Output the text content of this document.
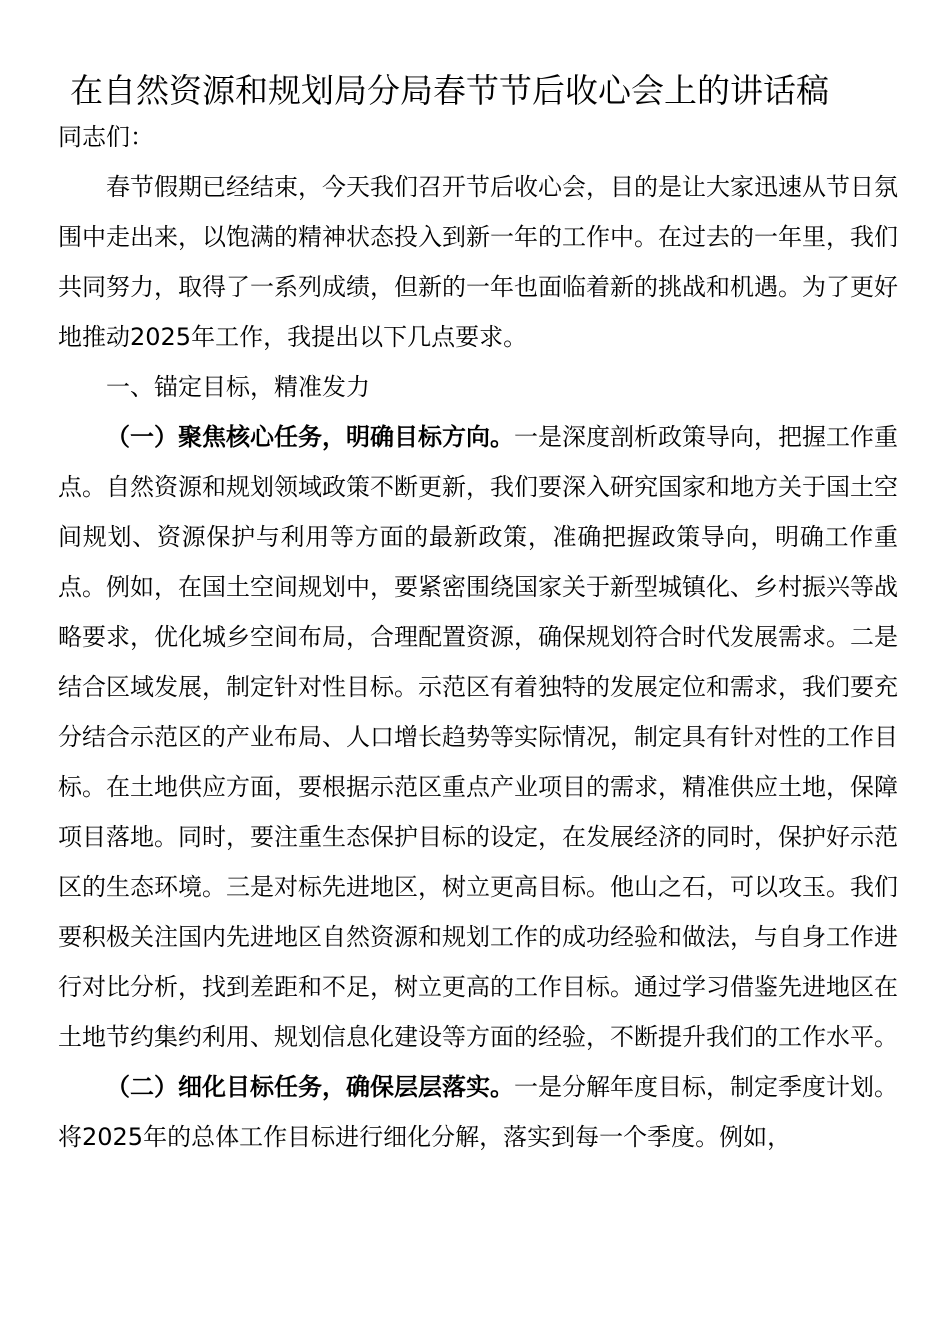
在自然资源和规划局分局春节节后收心会上的讲话稿

同志们：

春节假期已经结束，今天我们召开节后收心会，目的是让大家迅速从节日氛围中走出来，以饱满的精神状态投入到新一年的工作中。在过去的一年里，我们共同努力，取得了一系列成绩，但新的一年也面临着新的挑战和机遇。为了更好地推动2025年工作，我提出以下几点要求。

一、锚定目标，精准发力

（一）聚焦核心任务，明确目标方向。一是深度剖析政策导向，把握工作重点。自然资源和规划领域政策不断更新，我们要深入研究国家和地方关于国土空间规划、资源保护与利用等方面的最新政策，准确把握政策导向，明确工作重点。例如，在国土空间规划中，要紧密围绕国家关于新型城镇化、乡村振兴等战略要求，优化城乡空间布局，合理配置资源，确保规划符合时代发展需求。二是结合区域发展，制定针对性目标。示范区有着独特的发展定位和需求，我们要充分结合示范区的产业布局、人口增长趋势等实际情况，制定具有针对性的工作目标。在土地供应方面，要根据示范区重点产业项目的需求，精准供应土地，保障项目落地。同时，要注重生态保护目标的设定，在发展经济的同时，保护好示范区的生态环境。三是对标先进地区，树立更高目标。他山之石，可以攻玉。我们要积极关注国内先进地区自然资源和规划工作的成功经验和做法，与自身工作进行对比分析，找到差距和不足，树立更高的工作目标。通过学习借鉴先进地区在土地节约集约利用、规划信息化建设等方面的经验，不断提升我们的工作水平。

（二）细化目标任务，确保层层落实。一是分解年度目标，制定季度计划。将2025年的总体工作目标进行细化分解，落实到每一个季度。例如，
